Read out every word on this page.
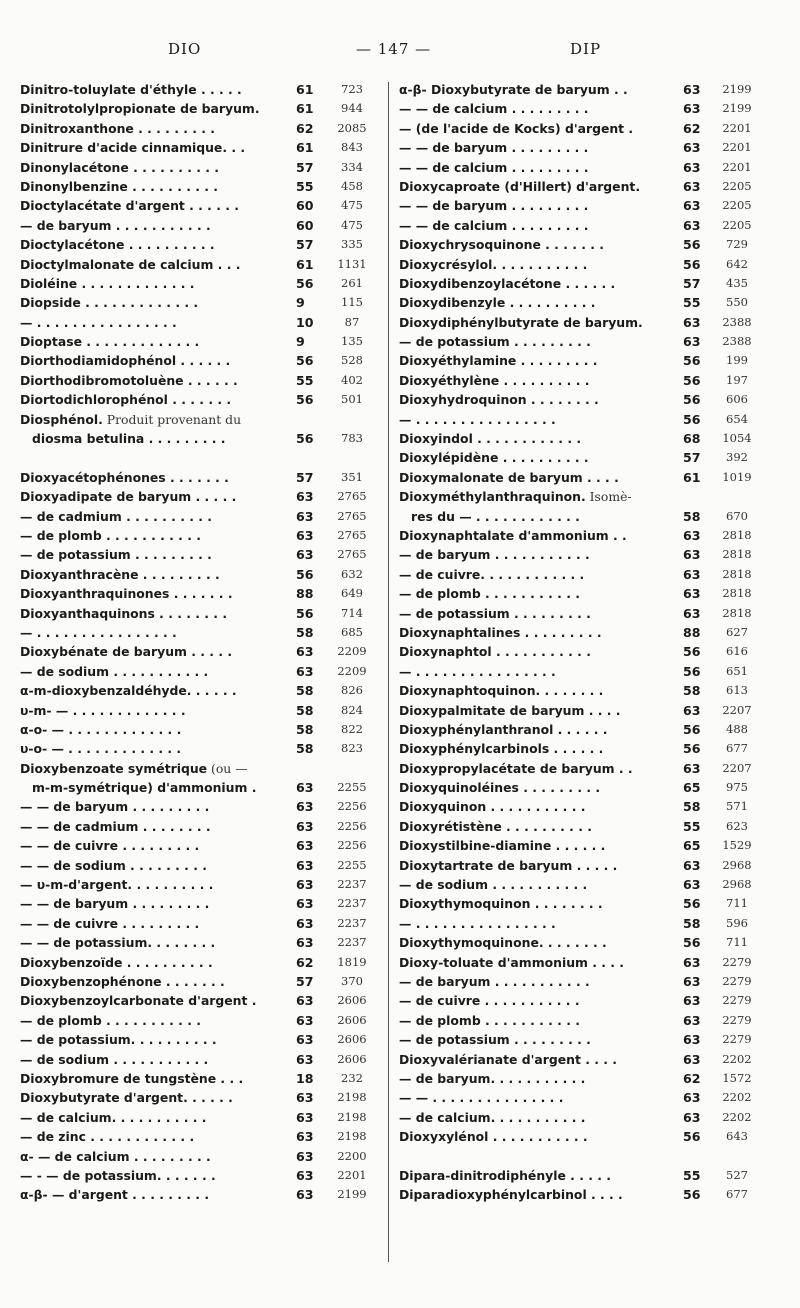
DIO	— 147 —	DIP
Dinitro-toluylate d'éthyle . . . . .	61	723
Dinitrotolylpropionate de baryum.	61	944
Dinitroxanthone . . . . . . . . .	62	2085
Dinitrure d'acide cinnamique. . .	61	843
Dinonylacétone . . . . . . . . . .	57	334
Dinonylbenzine . . . . . . . . . .	55	458
Dioctylacétate d'argent . . . . . .	60	475
— de baryum . . . . . . . . . . .	60	475
Dioctylacétone . . . . . . . . . .	57	335
Dioctylmalonate de calcium . . .	61	1131
Dioléine . . . . . . . . . . . . .	56	261
Diopside . . . . . . . . . . . . .	9	115
— . . . . . . . . . . . . . . . .	10	87
Dioptase . . . . . . . . . . . . .	9	135
Diorthodiamidophénol . . . . . .	56	528
Diorthodibromotoluène . . . . . .	55	402
Diortodichlorophénol . . . . . . .	56	501
Diosphénol. Produit provenant du
diosma betulina . . . . . . . . .	56	783
Dioxyacétophénones . . . . . . .	57	351
Dioxyadipate de baryum . . . . .	63	2765
— de cadmium . . . . . . . . . .	63	2765
— de plomb . . . . . . . . . . .	63	2765
— de potassium . . . . . . . . .	63	2765
Dioxyanthracène . . . . . . . . .	56	632
Dioxyanthraquinones . . . . . . .	88	649
Dioxyanthaquinons . . . . . . . .	56	714
— . . . . . . . . . . . . . . . .	58	685
Dioxybénate de baryum . . . . .	63	2209
— de sodium . . . . . . . . . . .	63	2209
α-m-dioxybenzaldéhyde. . . . . .	58	826
υ-m- — . . . . . . . . . . . . .	58	824
α-o- — . . . . . . . . . . . . .	58	822
υ-o- — . . . . . . . . . . . . .	58	823
Dioxybenzoate symétrique (ou —
m-m-symétrique) d'ammonium .	63	2255
— — de baryum . . . . . . . . .	63	2256
— — de cadmium . . . . . . . .	63	2256
— — de cuivre . . . . . . . . .	63	2256
— — de sodium . . . . . . . . .	63	2255
— υ-m-d'argent. . . . . . . . . .	63	2237
— — de baryum . . . . . . . . .	63	2237
— — de cuivre . . . . . . . . .	63	2237
— — de potassium. . . . . . . .	63	2237
Dioxybenzoïde . . . . . . . . . .	62	1819
Dioxybenzophénone . . . . . . .	57	370
Dioxybenzoylcarbonate d'argent .	63	2606
— de plomb . . . . . . . . . . .	63	2606
— de potassium. . . . . . . . . .	63	2606
— de sodium . . . . . . . . . . .	63	2606
Dioxybromure de tungstène . . .	18	232
Dioxybutyrate d'argent. . . . . .	63	2198
— de calcium. . . . . . . . . . .	63	2198
— de zinc . . . . . . . . . . . .	63	2198
α- — de calcium . . . . . . . . .	63	2200
— - — de potassium. . . . . . .	63	2201
α-β- — d'argent . . . . . . . . .	63	2199
α-β- Dioxybutyrate de baryum . .	63	2199
— — de calcium . . . . . . . . .	63	2199
— (de l'acide de Kocks) d'argent .	62	2201
— — de baryum . . . . . . . . .	63	2201
— — de calcium . . . . . . . . .	63	2201
Dioxycaproate (d'Hillert) d'argent.	63	2205
— — de baryum . . . . . . . . .	63	2205
— — de calcium . . . . . . . . .	63	2205
Dioxychrysoquinone . . . . . . .	56	729
Dioxycrésylol. . . . . . . . . . .	56	642
Dioxydibenzoylacétone . . . . . .	57	435
Dioxydibenzyle . . . . . . . . . .	55	550
Dioxydiphénylbutyrate de baryum.	63	2388
— de potassium . . . . . . . . .	63	2388
Dioxyéthylamine . . . . . . . . .	56	199
Dioxyéthylène . . . . . . . . . .	56	197
Dioxyhydroquinon . . . . . . . .	56	606
— . . . . . . . . . . . . . . . .	56	654
Dioxyindol . . . . . . . . . . . .	68	1054
Dioxylépidène . . . . . . . . . .	57	392
Dioxymalonate de baryum . . . .	61	1019
Dioxyméthylanthraquinon. Isomè-
res du — . . . . . . . . . . . .	58	670
Dioxynaphtalate d'ammonium . .	63	2818
— de baryum . . . . . . . . . . .	63	2818
— de cuivre. . . . . . . . . . . .	63	2818
— de plomb . . . . . . . . . . .	63	2818
— de potassium . . . . . . . . .	63	2818
Dioxynaphtalines . . . . . . . . .	88	627
Dioxynaphtol . . . . . . . . . . .	56	616
— . . . . . . . . . . . . . . . .	56	651
Dioxynaphtoquinon. . . . . . . .	58	613
Dioxypalmitate de baryum . . . .	63	2207
Dioxyphénylanthranol . . . . . .	56	488
Dioxyphénylcarbinols . . . . . .	56	677
Dioxypropylacétate de baryum . .	63	2207
Dioxyquinoléines . . . . . . . . .	65	975
Dioxyquinon . . . . . . . . . . .	58	571
Dioxyrétistène . . . . . . . . . .	55	623
Dioxystilbine-diamine . . . . . .	65	1529
Dioxytartrate de baryum . . . . .	63	2968
— de sodium . . . . . . . . . . .	63	2968
Dioxythymoquinon . . . . . . . .	56	711
— . . . . . . . . . . . . . . . .	58	596
Dioxythymoquinone. . . . . . . .	56	711
Dioxy-toluate d'ammonium . . . .	63	2279
— de baryum . . . . . . . . . . .	63	2279
— de cuivre . . . . . . . . . . .	63	2279
— de plomb . . . . . . . . . . .	63	2279
— de potassium . . . . . . . . .	63	2279
Dioxyvalérianate d'argent . . . .	63	2202
— de baryum. . . . . . . . . . .	62	1572
— — . . . . . . . . . . . . . . .	63	2202
— de calcium. . . . . . . . . . .	63	2202
Dioxyxylénol . . . . . . . . . . .	56	643
Dipara-dinitrodiphényle . . . . .	55	527
Diparadioxyphénylcarbinol . . . .	56	677
